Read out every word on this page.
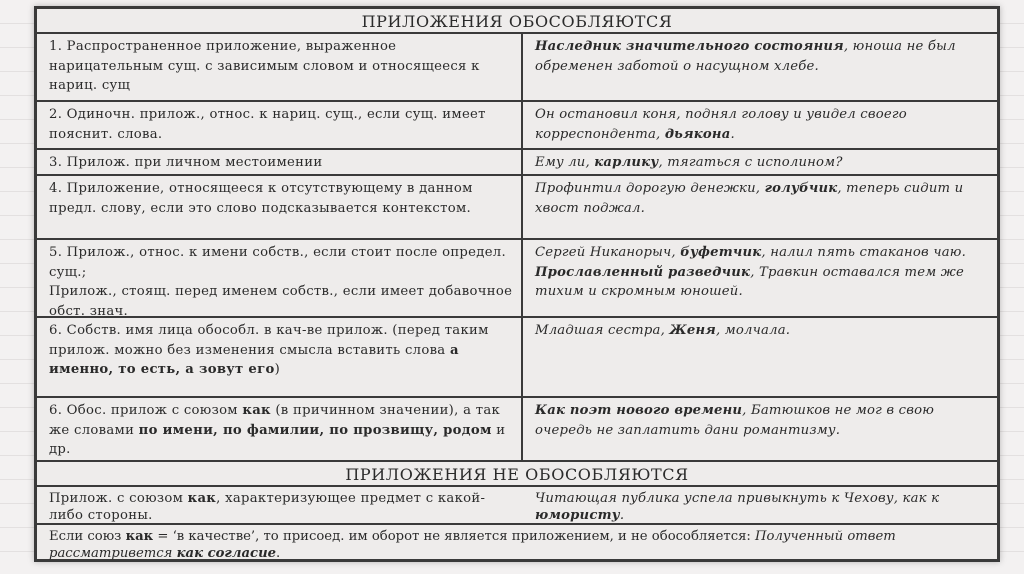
ПРИЛОЖЕНИЯ ОБОСОБЛЯЮТСЯ
1. Распространенное приложение, выраженное нарицательным сущ. с зависимым словом и относящееся к нариц. сущ
Наследник значительного состояния, юноша не был обременен заботой о насущном хлебе.
2. Одиночн. прилож., относ. к нариц. сущ., если сущ. имеет пояснит. слова.
Он остановил коня, поднял голову и увидел своего корреспондента, дьякона.
3. Прилож. при личном местоимении	Ему ли, карлику, тягаться с исполином?
4. Приложение, относящееся к отсутствующему в данном предл. слову, если это слово подсказывается контекстом.
Профинтил дорогую денежки, голубчик, теперь сидит и хвост поджал.
5. Прилож., относ. к имени собств., если стоит после определ. сущ.;
Прилож., стоящ. перед именем собств., если имеет добавочное обст. знач.
Сергей Никанорыч, буфетчик, налил пять стаканов чаю.
Прославленный разведчик, Травкин оставался тем же тихим и скромным юношей.
6. Собств. имя лица обособл. в кач-ве прилож. (перед таким прилож. можно без изменения смысла вставить слова а именно, то есть, а зовут его)
Младшая сестра, Женя, молчала.
6. Обос. прилож с союзом как (в причинном значении), а так же словами по имени, по фамилии, по прозвищу, родом и др.
Как поэт нового времени, Батюшков не мог в свою очередь не заплатить дани романтизму.
ПРИЛОЖЕНИЯ НЕ ОБОСОБЛЯЮТСЯ
Прилож. с союзом как, характеризующее предмет с какой-либо стороны.
Читающая публика успела привыкнуть к Чехову, как к юмористу.
Если союз как = ‘в качестве’, то присоед. им оборот не является приложением, и не обособляется: Полученный ответ рассматривется как согласие.
